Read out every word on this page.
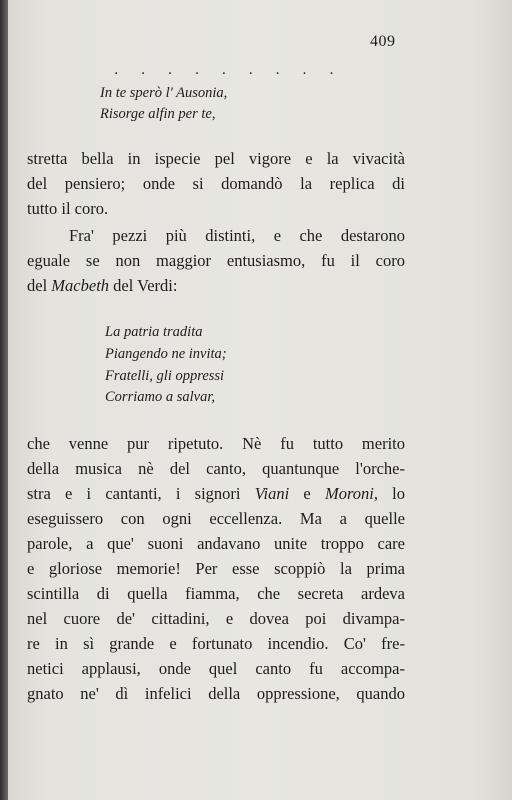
409
. . . . . . . . .
In te sperò l' Ausonia,
Risorge alfin per te,
stretta bella in ispecie pel vigore e la vivacità
del pensiero; onde si domandò la replica di
tutto il coro.
Fra' pezzi più distinti, e che destarono
eguale se non maggior entusiasmo, fu il coro
del Macbeth del Verdi:
La patria tradita
Piangendo ne invita;
Fratelli, gli oppressi
Corriamo a salvar,
che venne pur ripetuto. Nè fu tutto merito
della musica nè del canto, quantunque l'orche-
stra e i cantanti, i signori Viani e Moroni, lo
eseguissero con ogni eccellenza. Ma a quelle
parole, a que' suoni andavano unite troppo care
e gloriose memorie! Per esse scoppiò la prima
scintilla di quella fiamma, che secreta ardeva
nel cuore de' cittadini, e dovea poi divampa-
re in sì grande e fortunato incendio. Co' fre-
netici applausi, onde quel canto fu accompa-
gnato ne' dì infelici della oppressione, quando
